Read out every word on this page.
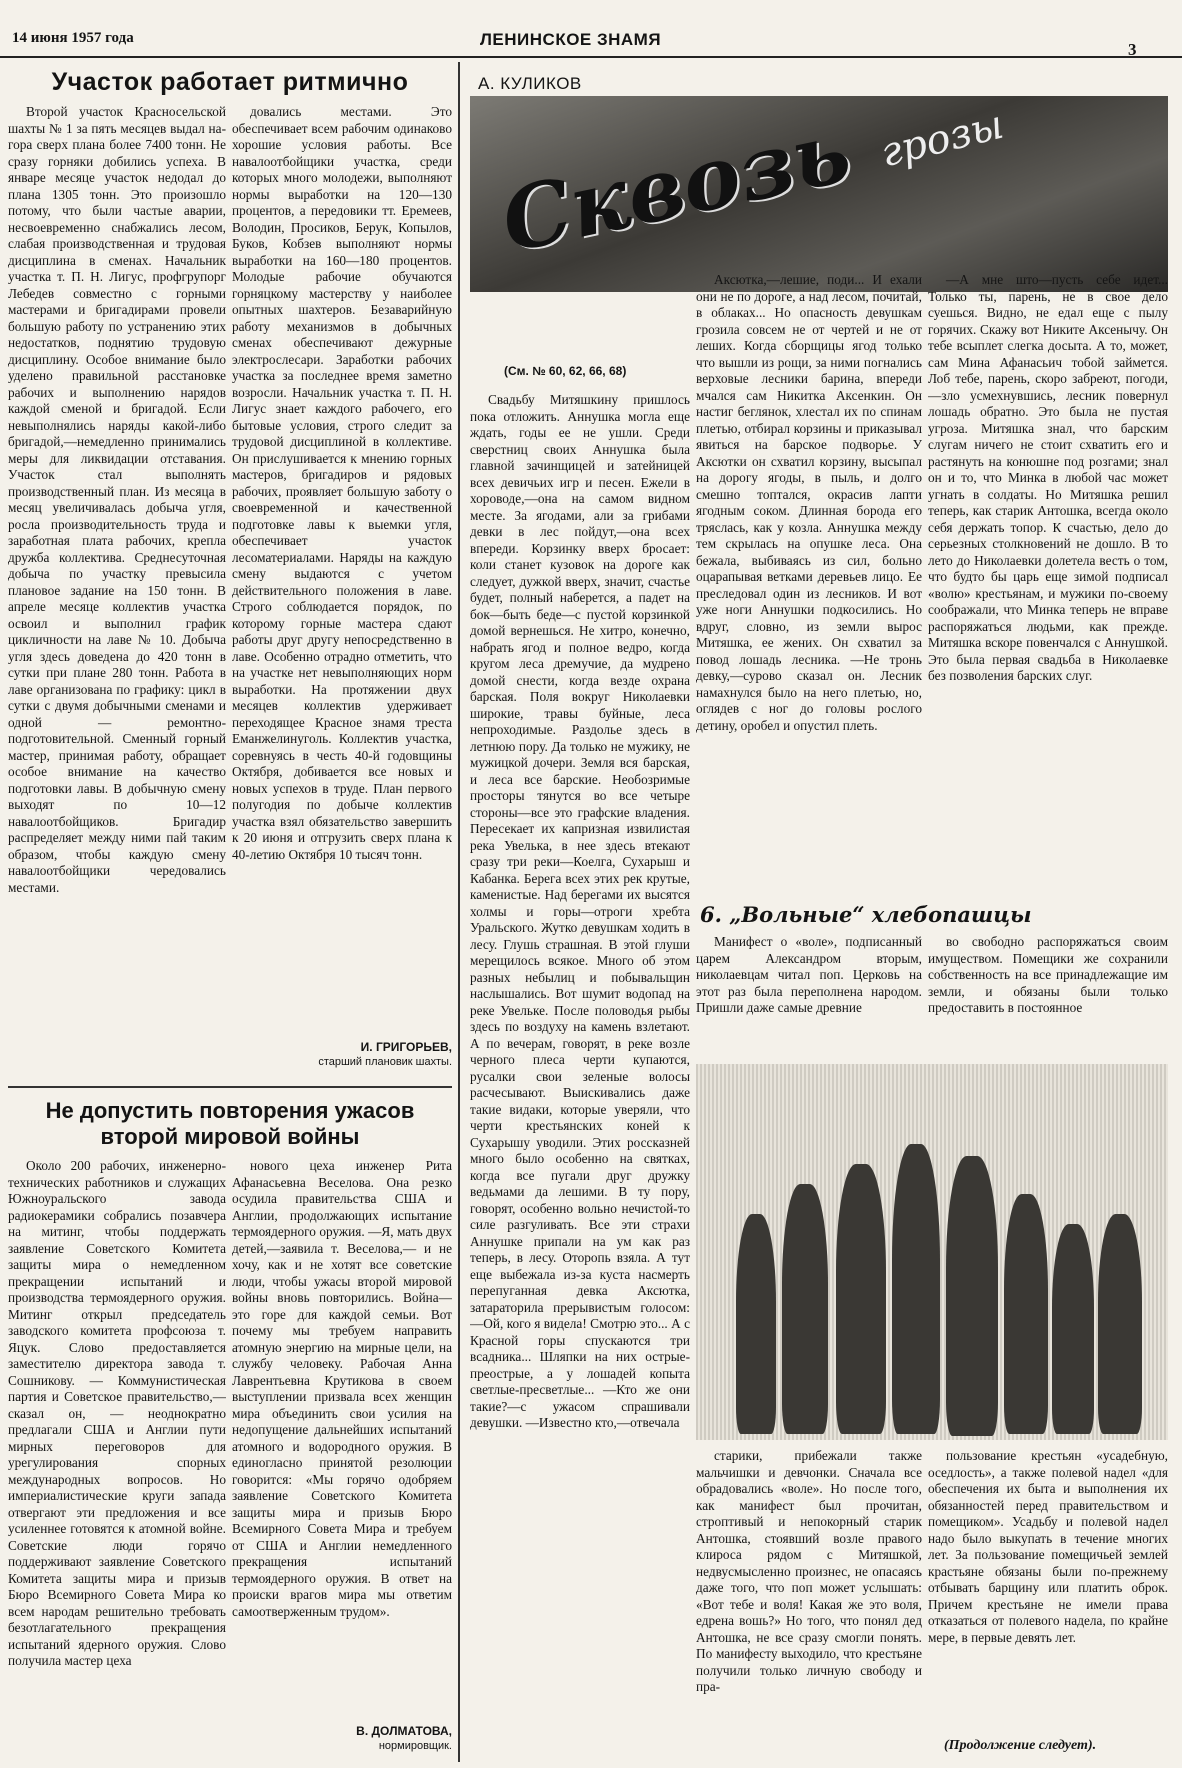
14 июня 1957 года	ЛЕНИНСКОЕ ЗНАМЯ
3
Участок работает ритмично

Второй участок Красносельской шахты № 1 за пять месяцев выдал на-гора сверх плана более 7400 тонн. Не сразу горняки добились успеха. В январе месяце участок недодал до плана 1305 тонн. Это произошло потому, что были частые аварии, несвоевременно снабжались лесом, слабая производственная и трудовая дисциплина в сменах. Начальник участка т. П. Н. Лигус, профгрупорг Лебедев совместно с горными мастерами и бригадирами провели большую работу по устранению этих недостатков, поднятию трудовую дисциплину. Особое внимание было уделено правильной расстановке рабочих и выполнению нарядов каждой сменой и бригадой. Если невыполнялись наряды какой-либо бригадой,—немедленно принимались меры для ликвидации отставания. Участок стал выполнять производственный план. Из месяца в месяц увеличивалась добыча угля, росла производительность труда и заработная плата рабочих, крепла дружба коллектива. Среднесуточная добыча по участку превысила плановое задание на 150 тонн. В апреле месяце коллектив участка освоил и выполнил график цикличности на лаве № 10. Добыча угля здесь доведена до 420 тонн в сутки при плане 280 тонн. Работа в лаве организована по графику: цикл в сутки с двумя добычными сменами и одной — ремонтно-подготовительной. Сменный горный мастер, принимая работу, обращает особое внимание на качество подготовки лавы. В добычную смену выходят по 10—12 навалоотбойщиков. Бригадир распределяет между ними пай таким образом, чтобы каждую смену навалоотбойщики чередовались местами.

довались местами. Это обеспечивает всем рабочим одинаково хорошие условия работы. Все навалоотбойщики участка, среди которых много молодежи, выполняют нормы выработки на 120—130 процентов, а передовики тт. Еремеев, Володин, Просиков, Берук, Копылов, Буков, Кобзев выполняют нормы выработки на 160—180 процентов. Молодые рабочие обучаются горняцкому мастерству у наиболее опытных шахтеров. Безаварийную работу механизмов в добычных сменах обеспечивают дежурные электрослесари. Заработки рабочих участка за последнее время заметно возросли. Начальник участка т. П. Н. Лигус знает каждого рабочего, его бытовые условия, строго следит за трудовой дисциплиной в коллективе. Он прислушивается к мнению горных мастеров, бригадиров и рядовых рабочих, проявляет большую заботу о своевременной и качественной подготовке лавы к выемки угля, обеспечивает участок лесоматериалами. Наряды на каждую смену выдаются с учетом действительного положения в лаве. Строго соблюдается порядок, по которому горные мастера сдают работы друг другу непосредственно в лаве. Особенно отрадно отметить, что на участке нет невыполняющих норм выработки. На протяжении двух месяцев коллектив удерживает переходящее Красное знамя треста Еманжелинуголь. Коллектив участка, соревнуясь в честь 40-й годовщины Октября, добивается все новых и новых успехов в труде. План первого полугодия по добыче коллектив участка взял обязательство завершить к 20 июня и отгрузить сверх плана к 40-летию Октября 10 тысяч тонн.

И. ГРИГОРЬЕВ,
старший плановик шахты.
Не допустить повторения ужасов
второй мировой войны

Около 200 рабочих, инженерно-технических работников и служащих Южноуральского завода радиокерамики собрались позавчера на митинг, чтобы поддержать заявление Советского Комитета защиты мира о немедленном прекращении испытаний и производства термоядерного оружия. Митинг открыл председатель заводского комитета профсоюза т. Яцук. Слово предоставляется заместителю директора завода т. Сошникову. — Коммунистическая партия и Советское правительство,— сказал он, — неоднократно предлагали США и Англии пути мирных переговоров для урегулирования спорных международных вопросов. Но империалистические круги запада отвергают эти предложения и все усиленнее готовятся к атомной войне. Советские люди горячо поддерживают заявление Советского Комитета защиты мира и призыв Бюро Всемирного Совета Мира ко всем народам решительно требовать безотлагательного прекращения испытаний ядерного оружия. Слово получила мастер цеха

нового цеха инженер Рита Афанасьевна Веселова. Она резко осудила правительства США и Англии, продолжающих испытание термоядерного оружия. —Я, мать двух детей,—заявила т. Веселова,— и не хочу, как и не хотят все советские люди, чтобы ужасы второй мировой войны вновь повторились. Война—это горе для каждой семьи. Вот почему мы требуем направить атомную энергию на мирные цели, на службу человеку. Рабочая Анна Лаврентьевна Крутикова в своем выступлении призвала всех женщин мира объединить свои усилия на недопущение дальнейших испытаний атомного и водородного оружия. В единогласно принятой резолюции говорится: «Мы горячо одобряем заявление Советского Комитета защиты мира и призыв Бюро Всемирного Совета Мира и требуем от США и Англии немедленного прекращения испытаний термоядерного оружия. В ответ на происки врагов мира мы ответим самоотверженным трудом».

В. ДОЛМАТОВА,
нормировщик.
А. КУЛИКОВ
Сквозь грозы
(См. № 60, 62, 66, 68)

Свадьбу Митяшкину пришлось пока отложить. Аннушка могла еще ждать, годы ее не ушли. Среди сверстниц своих Аннушка была главной зачинщицей и затейницей всех девичьих игр и песен. Ежели в хороводе,—она на самом видном месте. За ягодами, али за грибами девки в лес пойдут,—она всех впереди. Корзинку вверх бросает: коли станет кузовок на дороге как следует, дужкой вверх, значит, счастье будет, полный наберется, а падет на бок—быть беде—с пустой корзинкой домой вернешься. Не хитро, конечно, набрать ягод и полное ведро, когда кругом леса дремучие, да мудрено домой снести, когда везде охрана барская. Поля вокруг Николаевки широкие, травы буйные, леса непроходимые. Раздолье здесь в летнюю пору. Да только не мужику, не мужицкой дочери. Земля вся барская, и леса все барские. Необозримые просторы тянутся во все четыре стороны—все это графские владения. Пересекает их капризная извилистая река Увелька, в нее здесь втекают сразу три реки—Коелга, Сухарыш и Кабанка. Берега всех этих рек крутые, каменистые. Над берегами их высятся холмы и горы—отроги хребта Уральского. Жутко девушкам ходить в лесу. Глушь страшная. В этой глуши мерещилось всякое. Много об этом разных небылиц и побывальщин наслышались. Вот шумит водопад на реке Увельке. После половодья рыбы здесь по воздуху на камень взлетают. А по вечерам, говорят, в реке возле черного плеса черти купаются, русалки свои зеленые волосы расчесывают. Выискивались даже такие видаки, которые уверяли, что черти крестьянских коней к Сухарышу уводили. Этих россказней много было особенно на святках, когда все пугали друг дружку ведьмами да лешими. В ту пору, говорят, особенно вольно нечистой-то силе разгуливать. Все эти страхи Аннушке припали на ум как раз теперь, в лесу. Оторопь взяла. А тут еще выбежала из-за куста насмерть перепуганная девка Аксютка, затараторила прерывистым голосом: —Ой, кого я видела! Смотрю это... А с Красной горы спускаются три всадника... Шляпки на них острые-преострые, а у лошадей копыта светлые-пресветлые... —Кто же они такие?—с ужасом спрашивали девушки. —Известно кто,—отвечала

Аксютка,—лешие, поди... И ехали они не по дороге, а над лесом, почитай, в облаках... Но опасность девушкам грозила совсем не от чертей и не от леших. Когда сборщицы ягод только что вышли из рощи, за ними погнались верховые лесники барина, впереди мчался сам Никитка Аксенкин. Он настиг беглянок, хлестал их по спинам плетью, отбирал корзины и приказывал явиться на барское подворье. У Аксютки он схватил корзину, высыпал на дорогу ягоды, в пыль, и долго смешно топтался, окрасив лапти ягодным соком. Длинная борода его тряслась, как у козла. Аннушка между тем скрылась на опушке леса. Она бежала, выбиваясь из сил, больно оцарапывая ветками деревьев лицо. Ее преследовал один из лесников. И вот уже ноги Аннушки подкосились. Но вдруг, словно, из земли вырос Митяшка, ее жених. Он схватил за повод лошадь лесника. —Не тронь девку,—сурово сказал он. Лесник намахнулся было на него плетью, но, оглядев с ног до головы рослого детину, оробел и опустил плеть.

—А мне што—пусть себе идет... Только ты, парень, не в свое дело суешься. Видно, не едал еще с пылу горячих. Скажу вот Никите Аксенычу. Он тебе всыплет слегка досыта. А то, может, сам Мина Афанасьич тобой займется. Лоб тебе, парень, скоро забреют, погоди,—зло усмехнувшись, лесник повернул лошадь обратно. Это была не пустая угроза. Митяшка знал, что барским слугам ничего не стоит схватить его и растянуть на конюшне под розгами; знал он и то, что Минка в любой час может угнать в солдаты. Но Митяшка решил теперь, как старик Антошка, всегда около себя держать топор. К счастью, дело до серьезных столкновений не дошло. В то лето до Николаевки долетела весть о том, что будто бы царь еще зимой подписал «волю» крестьянам, и мужики по-своему соображали, что Минка теперь не вправе распоряжаться людьми, как прежде. Митяшка вскоре повенчался с Аннушкой. Это была первая свадьба в Николаевке без позволения барских слуг.

6. „Вольные“ хлебопашцы

Манифест о «воле», подписанный царем Александром вторым, николаевцам читал поп. Церковь на этот раз была переполнена народом. Пришли даже самые древние

во свободно распоряжаться своим имуществом. Помещики же сохранили собственность на все принадлежащие им земли, и обязаны были только предоставить в постоянное

старики, прибежали также мальчишки и девчонки. Сначала все обрадовались «воле». Но после того, как манифест был прочитан, строптивый и непокорный старик Антошка, стоявший возле правого клироса рядом с Митяшкой, недвусмысленно произнес, не опасаясь даже того, что поп может услышать: «Вот тебе и воля! Какая же это воля, едрена вошь?» Но того, что понял дед Антошка, не все сразу смогли понять. По манифесту выходило, что крестьяне получили только личную свободу и пра-

пользование крестьян «усадебную, оседлость», а также полевой надел «для обеспечения их быта и выполнения их обязанностей перед правительством и помещиком». Усадьбу и полевой надел надо было выкупать в течение многих лет. За пользование помещичьей землей крастьяне обязаны были по-прежнему отбывать барщину или платить оброк. Причем крестьяне не имели права отказаться от полевого надела, по крайне мере, в первые девять лет.

(Продолжение следует).
